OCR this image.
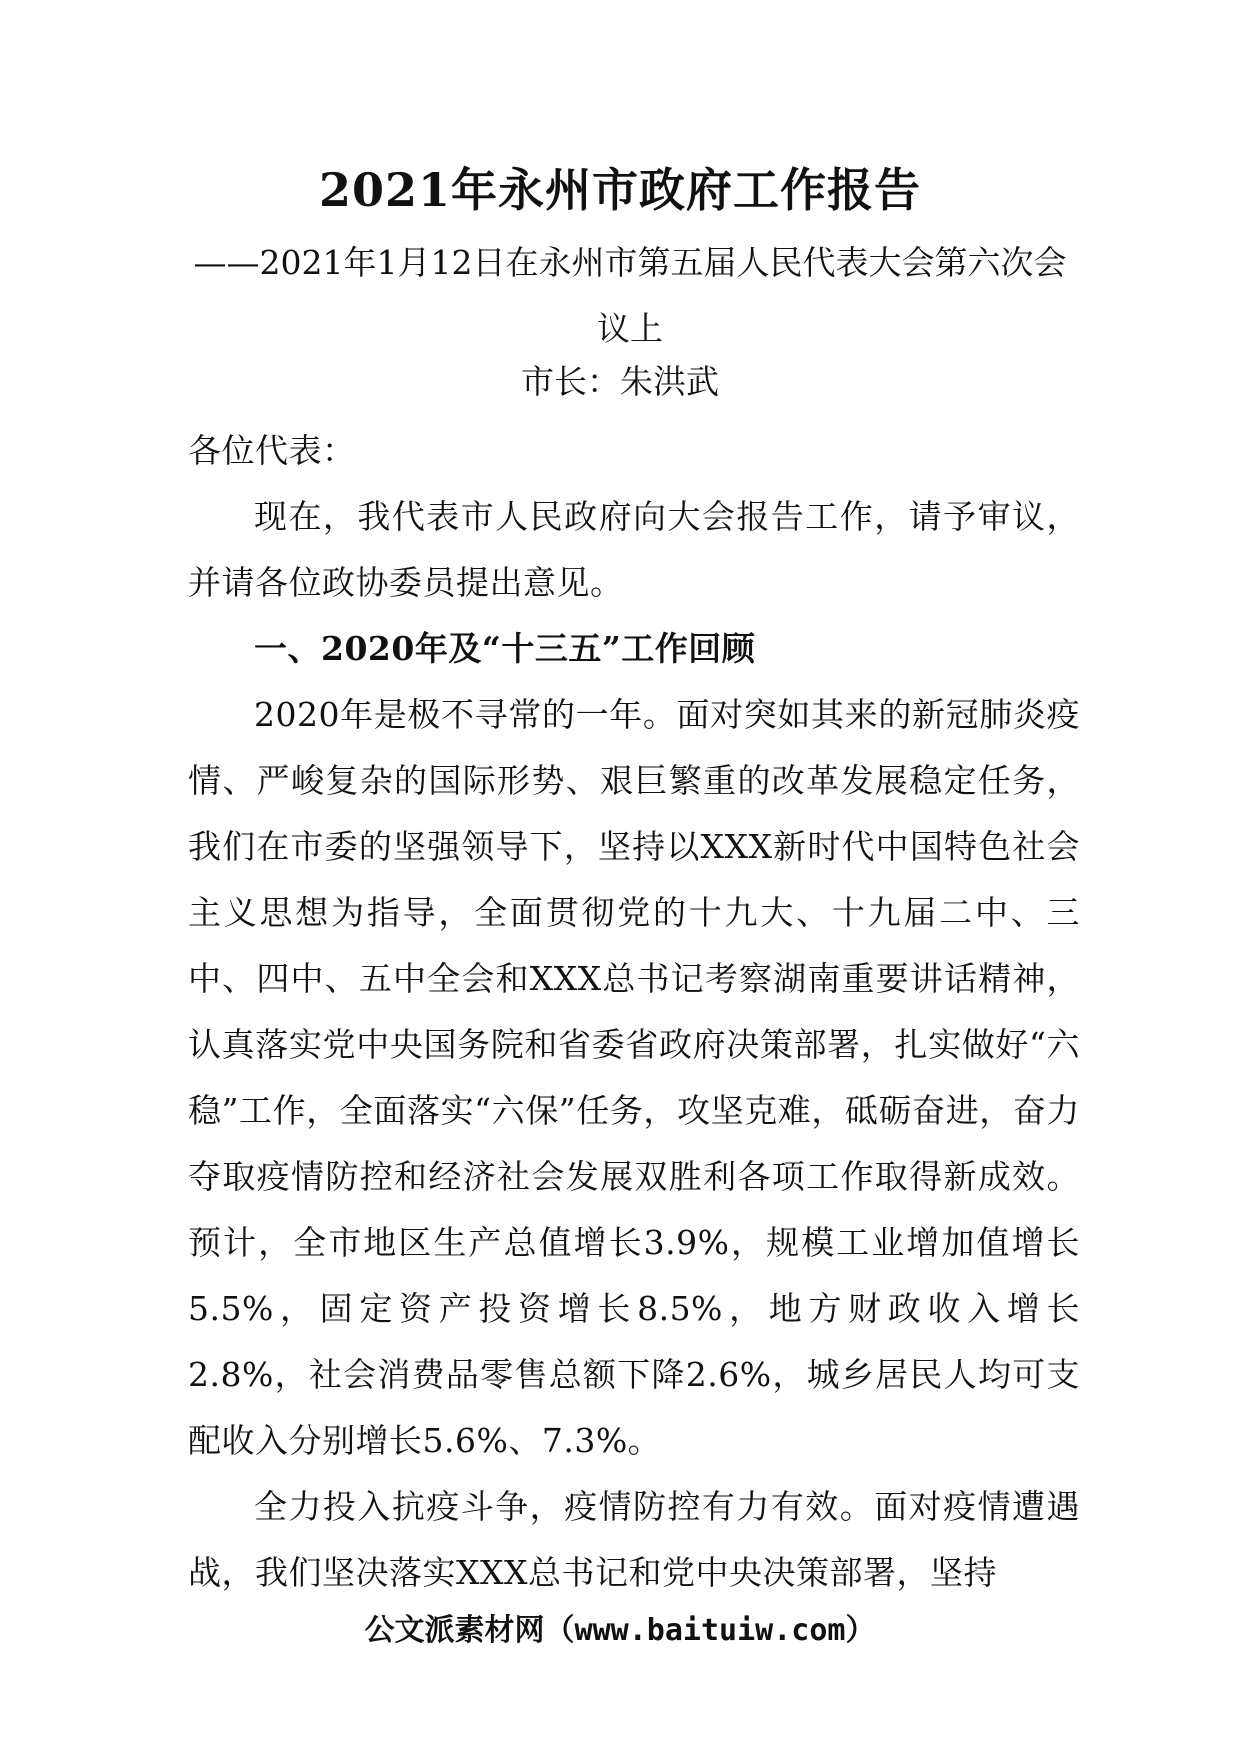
2021年永州市政府工作报告
——2021年1月12日在永州市第五届人民代表大会第六次会议上
市长：朱洪武
各位代表：
现在，我代表市人民政府向大会报告工作，请予审议，并请各位政协委员提出意见。
一、2020年及“十三五”工作回顾
2020年是极不寻常的一年。面对突如其来的新冠肺炎疫情、严峻复杂的国际形势、艰巨繁重的改革发展稳定任务，我们在市委的坚强领导下，坚持以XXX新时代中国特色社会主义思想为指导，全面贯彻党的十九大、十九届二中、三中、四中、五中全会和XXX总书记考察湖南重要讲话精神，认真落实党中央国务院和省委省政府决策部署，扎实做好“六稳”工作，全面落实“六保”任务，攻坚克难，砥砺奋进，奋力夺取疫情防控和经济社会发展双胜利各项工作取得新成效。预计，全市地区生产总值增长3.9%，规模工业增加值增长5.5%，固定资产投资增长8.5%，地方财政收入增长2.8%，社会消费品零售总额下降2.6%，城乡居民人均可支配收入分别增长5.6%、7.3%。
全力投入抗疫斗争，疫情防控有力有效。面对疫情遭遇战，我们坚决落实XXX总书记和党中央决策部署，坚持
公文派素材网（www.baituiw.com）
